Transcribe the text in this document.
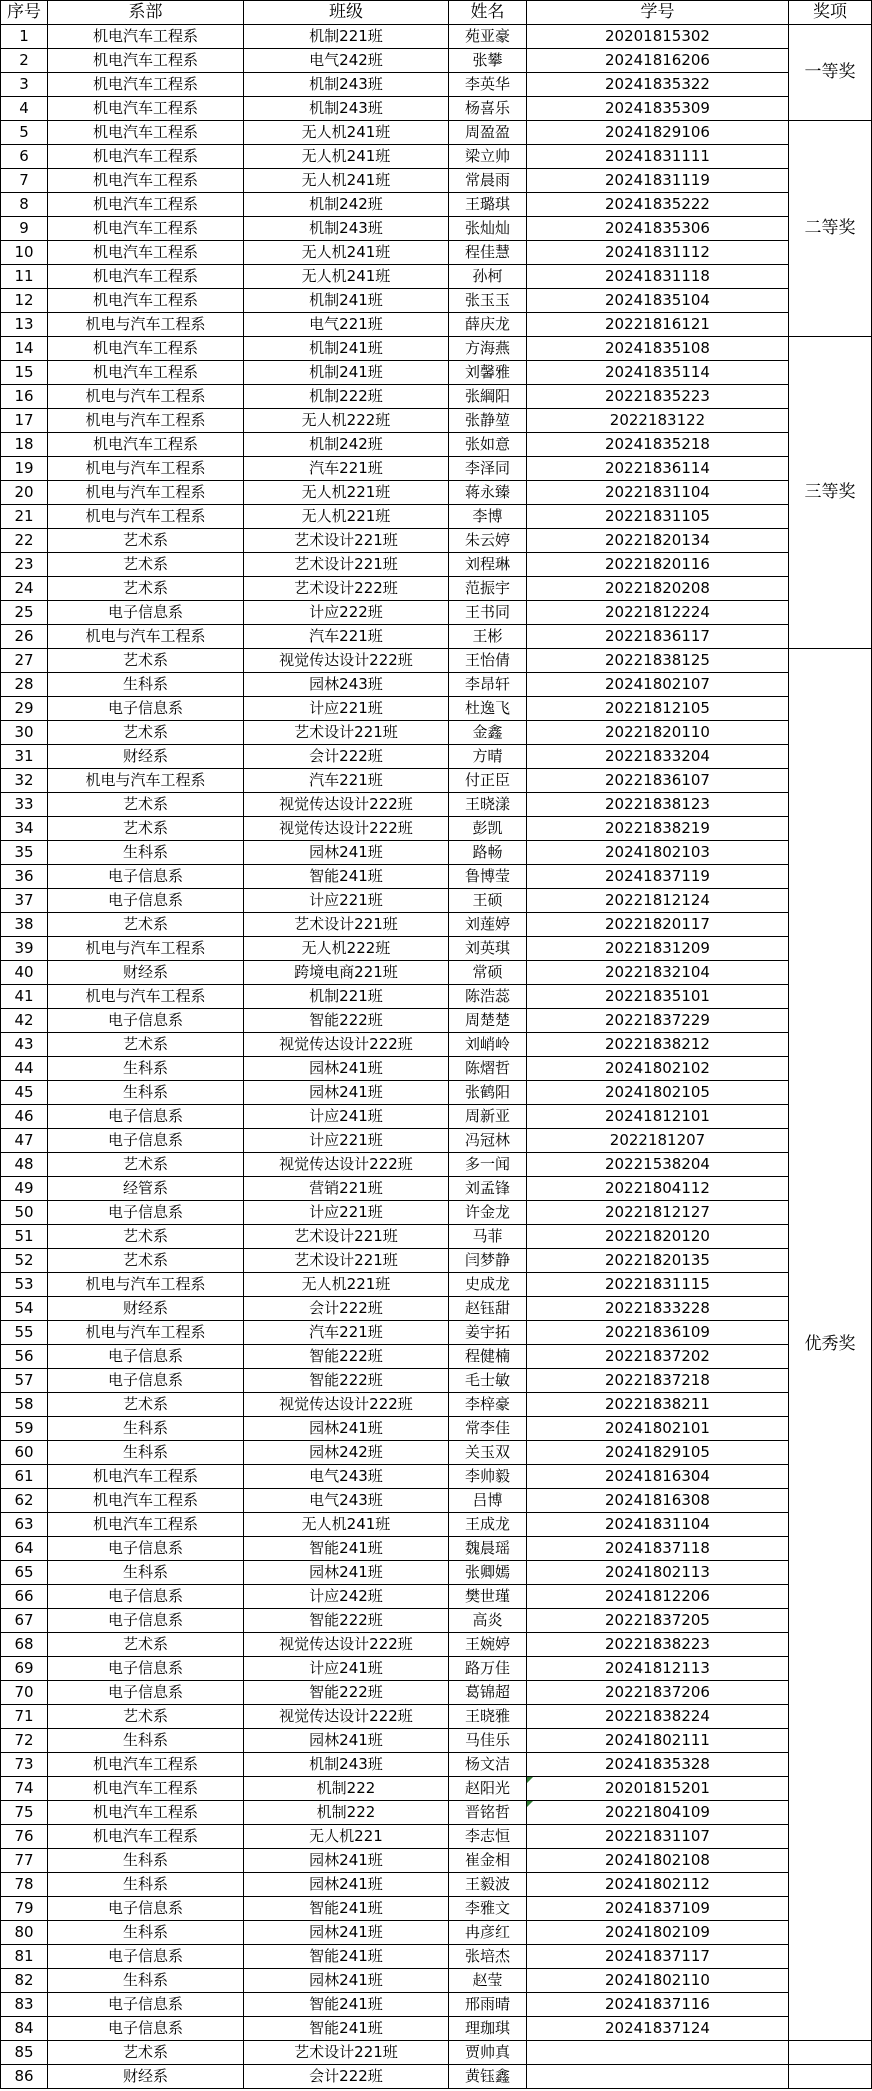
序号	系部	班级	姓名	学号	奖项
1	机电汽车工程系	机制221班	苑亚豪	20201815302	一等奖
2	机电汽车工程系	电气242班	张攀	20241816206	
3	机电汽车工程系	机制243班	李英华	20241835322	
4	机电汽车工程系	机制243班	杨喜乐	20241835309	
5	机电汽车工程系	无人机241班	周盈盈	20241829106	二等奖
6	机电汽车工程系	无人机241班	梁立帅	20241831111	
7	机电汽车工程系	无人机241班	常晨雨	20241831119	
8	机电汽车工程系	机制242班	王璐琪	20241835222	
9	机电汽车工程系	机制243班	张灿灿	20241835306	
10	机电汽车工程系	无人机241班	程佳慧	20241831112	
11	机电汽车工程系	无人机241班	孙柯	20241831118	
12	机电汽车工程系	机制241班	张玉玉	20241835104	
13	机电与汽车工程系	电气221班	薛庆龙	20221816121	
14	机电汽车工程系	机制241班	方海燕	20241835108	三等奖
15	机电汽车工程系	机制241班	刘馨雅	20241835114	
16	机电与汽车工程系	机制222班	张綱阳	20221835223	
17	机电与汽车工程系	无人机222班	张静堃	2022183122	
18	机电汽车工程系	机制242班	张如意	20241835218	
19	机电与汽车工程系	汽车221班	李泽同	20221836114	
20	机电与汽车工程系	无人机221班	蒋永臻	20221831104	
21	机电与汽车工程系	无人机221班	李博	20221831105	
22	艺术系	艺术设计221班	朱云婷	20221820134	
23	艺术系	艺术设计221班	刘程琳	20221820116	
24	艺术系	艺术设计222班	范振宇	20221820208	
25	电子信息系	计应222班	王书同	20221812224	
26	机电与汽车工程系	汽车221班	王彬	20221836117	
27	艺术系	视觉传达设计222班	王怡倩	20221838125	优秀奖
28	生科系	园林243班	李昂轩	20241802107	
29	电子信息系	计应221班	杜逸飞	20221812105	
30	艺术系	艺术设计221班	金鑫	20221820110	
31	财经系	会计222班	方晴	20221833204	
32	机电与汽车工程系	汽车221班	付正臣	20221836107	
33	艺术系	视觉传达设计222班	王晓漾	20221838123	
34	艺术系	视觉传达设计222班	彭凯	20221838219	
35	生科系	园林241班	路畅	20241802103	
36	电子信息系	智能241班	鲁博莹	20241837119	
37	电子信息系	计应221班	王硕	20221812124	
38	艺术系	艺术设计221班	刘莲婷	20221820117	
39	机电与汽车工程系	无人机222班	刘英琪	20221831209	
40	财经系	跨境电商221班	常硕	20221832104	
41	机电与汽车工程系	机制221班	陈浩蕊	20221835101	
42	电子信息系	智能222班	周楚楚	20221837229	
43	艺术系	视觉传达设计222班	刘峭岭	20221838212	
44	生科系	园林241班	陈熠哲	20241802102	
45	生科系	园林241班	张鹤阳	20241802105	
46	电子信息系	计应241班	周新亚	20241812101	
47	电子信息系	计应221班	冯冠林	2022181207	
48	艺术系	视觉传达设计222班	多一闻	20221538204	
49	经管系	营销221班	刘孟锋	20221804112	
50	电子信息系	计应221班	许金龙	20221812127	
51	艺术系	艺术设计221班	马菲	20221820120	
52	艺术系	艺术设计221班	闫梦静	20221820135	
53	机电与汽车工程系	无人机221班	史成龙	20221831115	
54	财经系	会计222班	赵钰甜	20221833228	
55	机电与汽车工程系	汽车221班	姜宇拓	20221836109	
56	电子信息系	智能222班	程健楠	20221837202	
57	电子信息系	智能222班	毛士敏	20221837218	
58	艺术系	视觉传达设计222班	李梓豪	20221838211	
59	生科系	园林241班	常李佳	20241802101	
60	生科系	园林242班	关玉双	20241829105	
61	机电汽车工程系	电气243班	李帅毅	20241816304	
62	机电汽车工程系	电气243班	吕博	20241816308	
63	机电汽车工程系	无人机241班	王成龙	20241831104	
64	电子信息系	智能241班	魏晨瑶	20241837118	
65	生科系	园林241班	张卿嫣	20241802113	
66	电子信息系	计应242班	樊世瑾	20241812206	
67	电子信息系	智能222班	高炎	20221837205	
68	艺术系	视觉传达设计222班	王婉婷	20221838223	
69	电子信息系	计应241班	路万佳	20241812113	
70	电子信息系	智能222班	葛锦超	20221837206	
71	艺术系	视觉传达设计222班	王晓雅	20221838224	
72	生科系	园林241班	马佳乐	20241802111	
73	机电汽车工程系	机制243班	杨文洁	20241835328	
74	机电汽车工程系	机制222	赵阳光	20201815201	
75	机电汽车工程系	机制222	晋铭哲	20221804109	
76	机电汽车工程系	无人机221	李志恒	20221831107	
77	生科系	园林241班	崔金相	20241802108	
78	生科系	园林241班	王毅波	20241802112	
79	电子信息系	智能241班	李雅文	20241837109	
80	生科系	园林241班	冉彦红	20241802109	
81	电子信息系	智能241班	张培杰	20241837117	
82	生科系	园林241班	赵莹	20241802110	
83	电子信息系	智能241班	邢雨晴	20241837116	
84	电子信息系	智能241班	理珈琪	20241837124	
85	艺术系	艺术设计221班	贾帅真		
86	财经系	会计222班	黄钰鑫		
